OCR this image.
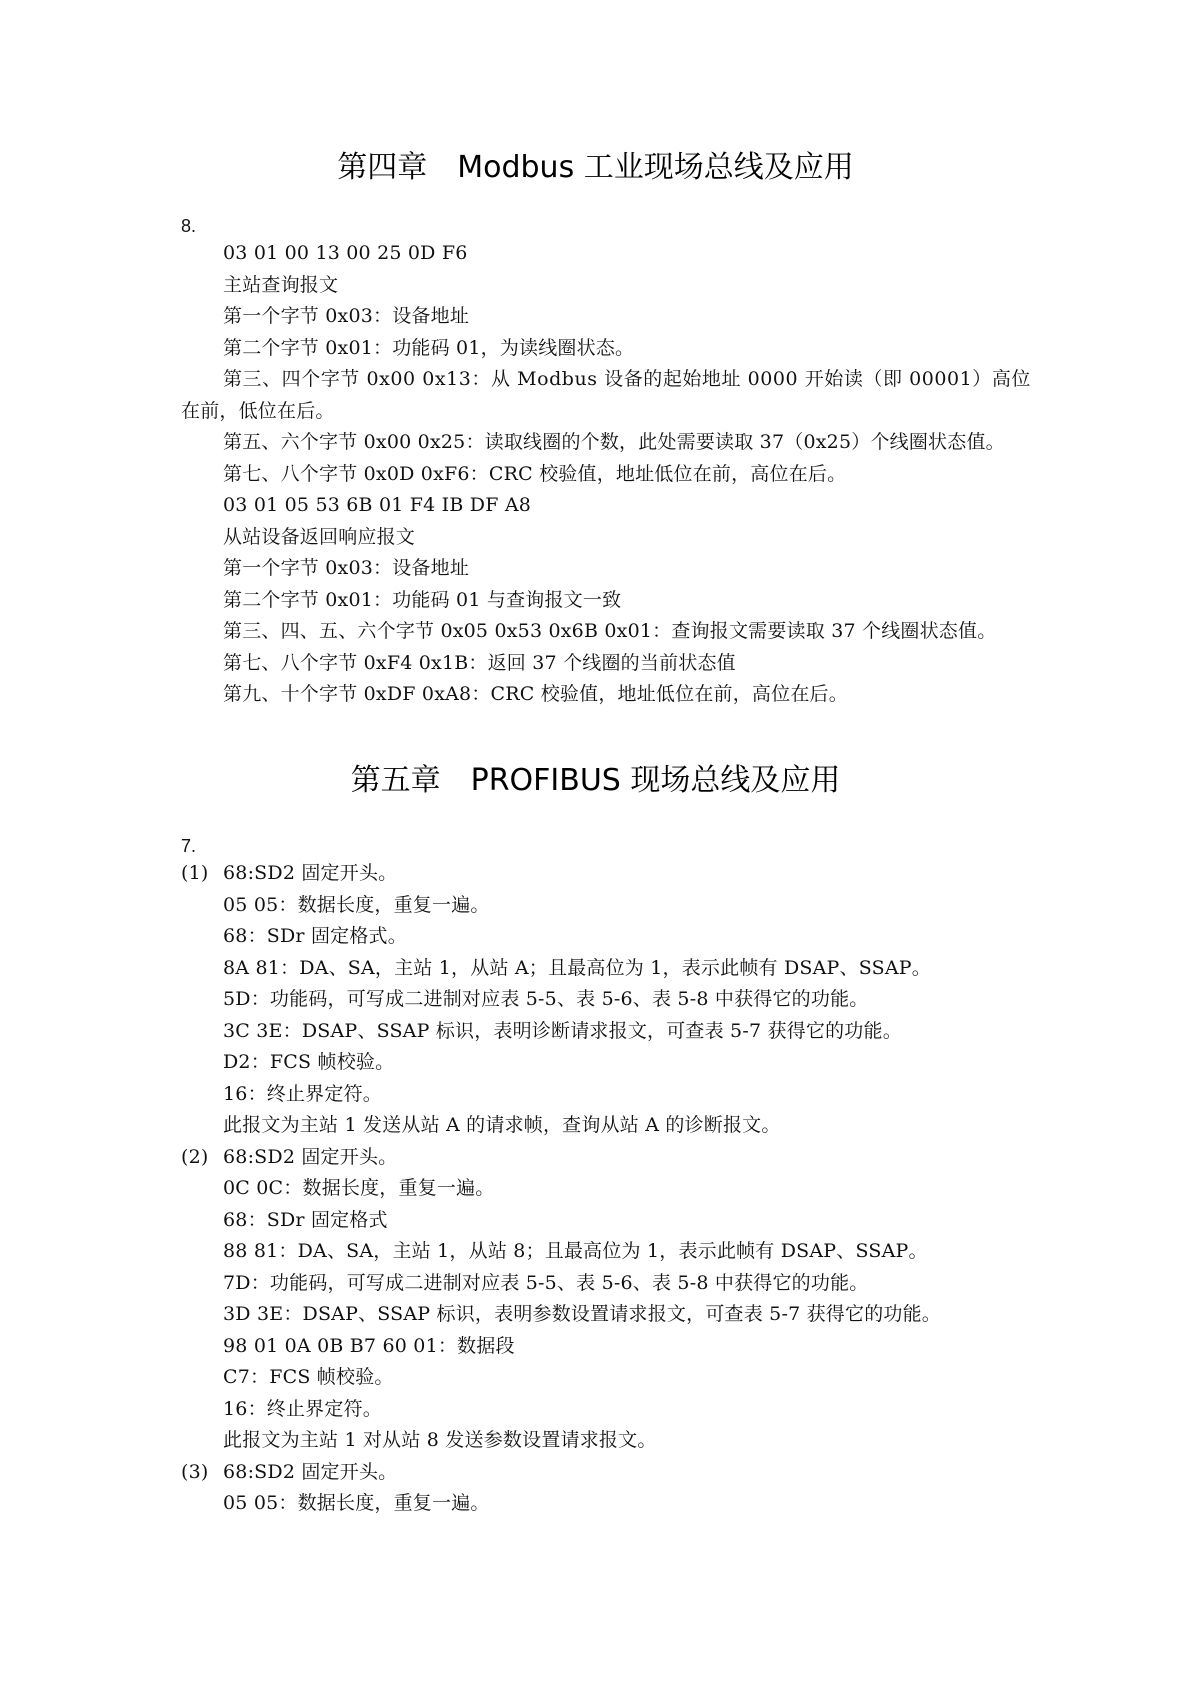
第四章 Modbus 工业现场总线及应用
8.
03 01 00 13 00 25 0D F6
主站查询报文
第一个字节 0x03：设备地址
第二个字节 0x01：功能码 01，为读线圈状态。
第三、四个字节 0x00 0x13：从 Modbus 设备的起始地址 0000 开始读（即 00001）高位
在前，低位在后。
第五、六个字节 0x00 0x25：读取线圈的个数，此处需要读取 37（0x25）个线圈状态值。
第七、八个字节 0x0D 0xF6：CRC 校验值，地址低位在前，高位在后。
03 01 05 53 6B 01 F4 IB DF A8
从站设备返回响应报文
第一个字节 0x03：设备地址
第二个字节 0x01：功能码 01 与查询报文一致
第三、四、五、六个字节 0x05 0x53 0x6B 0x01：查询报文需要读取 37 个线圈状态值。
第七、八个字节 0xF4 0x1B：返回 37 个线圈的当前状态值
第九、十个字节 0xDF 0xA8：CRC 校验值，地址低位在前，高位在后。
第五章 PROFIBUS 现场总线及应用
7.
(1) 68:SD2 固定开头。
05 05：数据长度，重复一遍。
68：SDr 固定格式。
8A 81：DA、SA，主站 1，从站 A；且最高位为 1，表示此帧有 DSAP、SSAP。
5D：功能码，可写成二进制对应表 5-5、表 5-6、表 5-8 中获得它的功能。
3C 3E：DSAP、SSAP 标识，表明诊断请求报文，可查表 5-7 获得它的功能。
D2：FCS 帧校验。
16：终止界定符。
此报文为主站 1 发送从站 A 的请求帧，查询从站 A 的诊断报文。
(2) 68:SD2 固定开头。
0C 0C：数据长度，重复一遍。
68：SDr 固定格式
88 81：DA、SA，主站 1，从站 8；且最高位为 1，表示此帧有 DSAP、SSAP。
7D：功能码，可写成二进制对应表 5-5、表 5-6、表 5-8 中获得它的功能。
3D 3E：DSAP、SSAP 标识，表明参数设置请求报文，可查表 5-7 获得它的功能。
98 01 0A 0B B7 60 01：数据段
C7：FCS 帧校验。
16：终止界定符。
此报文为主站 1 对从站 8 发送参数设置请求报文。
(3) 68:SD2 固定开头。
05 05：数据长度，重复一遍。
